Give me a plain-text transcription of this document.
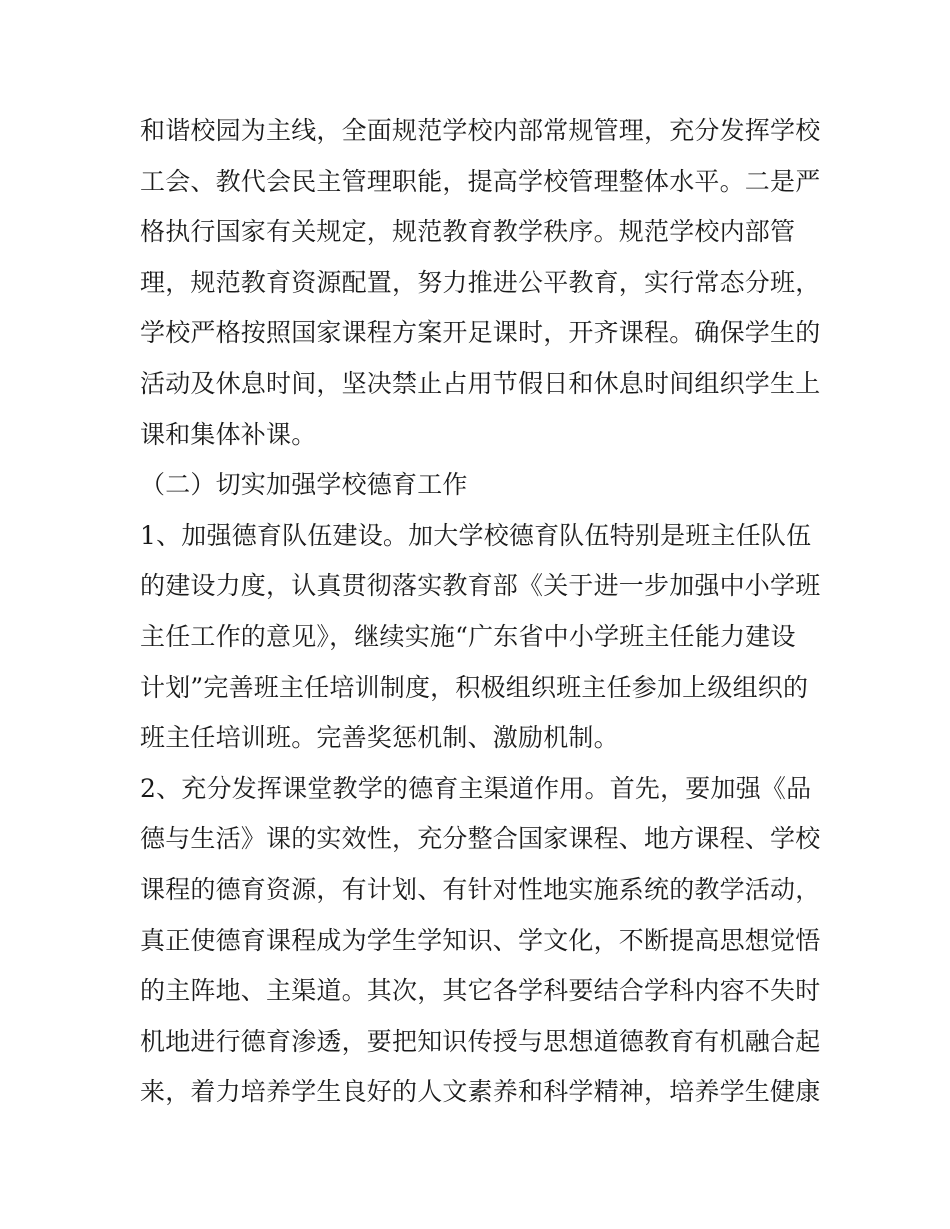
和谐校园为主线，全面规范学校内部常规管理，充分发挥学校
工会、教代会民主管理职能，提高学校管理整体水平。二是严
格执行国家有关规定，规范教育教学秩序。规范学校内部管
理，规范教育资源配置，努力推进公平教育，实行常态分班，
学校严格按照国家课程方案开足课时，开齐课程。确保学生的
活动及休息时间，坚决禁止占用节假日和休息时间组织学生上
课和集体补课。
（二）切实加强学校德育工作
1、加强德育队伍建设。加大学校德育队伍特别是班主任队伍
的建设力度，认真贯彻落实教育部《关于进一步加强中小学班
主任工作的意见》，继续实施“广东省中小学班主任能力建设
计划”完善班主任培训制度，积极组织班主任参加上级组织的
班主任培训班。完善奖惩机制、激励机制。
2、充分发挥课堂教学的德育主渠道作用。首先，要加强《品
德与生活》课的实效性，充分整合国家课程、地方课程、学校
课程的德育资源，有计划、有针对性地实施系统的教学活动，
真正使德育课程成为学生学知识、学文化，不断提高思想觉悟
的主阵地、主渠道。其次，其它各学科要结合学科内容不失时
机地进行德育渗透，要把知识传授与思想道德教育有机融合起
来，着力培养学生良好的人文素养和科学精神，培养学生健康
